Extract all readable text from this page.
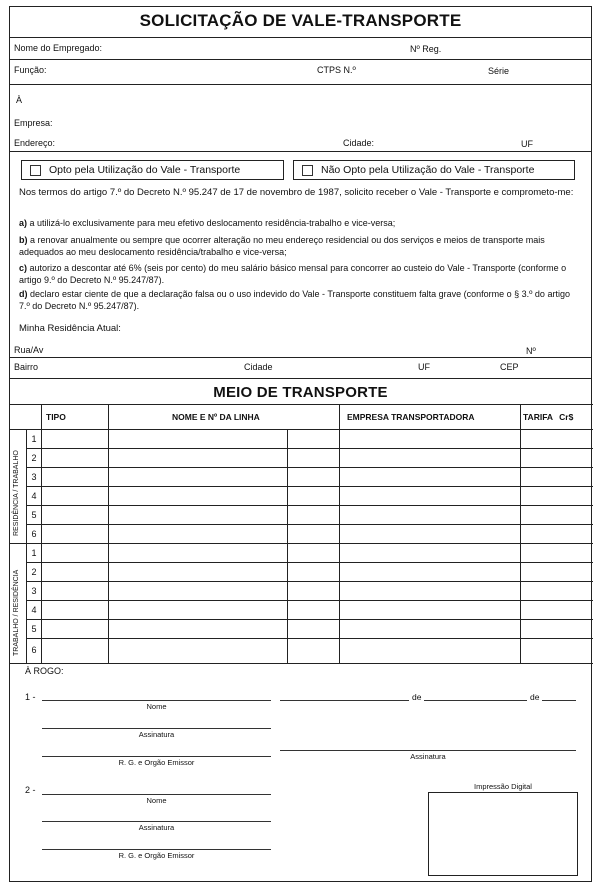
SOLICITAÇÃO DE VALE-TRANSPORTE
Nome do Empregado:	Nº Reg.
Função:	CTPS N.º	Série
À
Empresa:
Endereço:	Cidade:	UF
Opto pela Utilização do Vale - Transporte	Não Opto pela Utilização do Vale - Transporte
Nos termos do artigo 7.º do Decreto N.º 95.247 de 17 de novembro de 1987, solicito receber o Vale - Transporte e comprometo-me:
a) a utilizá-lo exclusivamente para meu efetivo deslocamento residência-trabalho e vice-versa;
b) a renovar anualmente ou sempre que ocorrer alteração no meu endereço residencial ou dos serviços e meios de transporte mais adequados ao meu deslocamento residência/trabalho e vice-versa;
c) autorizo a descontar até 6% (seis por cento) do meu salário básico mensal para concorrer ao custeio do Vale - Transporte (conforme o artigo 9.º do Decreto N.º 95.247/87).
d) declaro estar ciente de que a declaração falsa ou o uso indevido do Vale - Transporte constituem falta grave (conforme o § 3.º do artigo 7.º do Decreto N.º 95.247/87).
Minha Residência Atual:
Rua/Av	Nº
Bairro	Cidade	UF	CEP
MEIO DE TRANSPORTE
TIPO	NOME E Nº DA LINHA	EMPRESA TRANSPORTADORA	TARIFA Cr$
1
2
3
4
5
6
1
2
3
4
5
6
RESIDÊNCIA / TRABALHO
TRABALHO / RESIDÊNCIA
À ROGO:
1 -
Nome
Assinatura
R. G. e Orgão Emissor
de	de
Assinatura
2 -
Nome
Assinatura
R. G. e Orgão Emissor
Impressão Digital
